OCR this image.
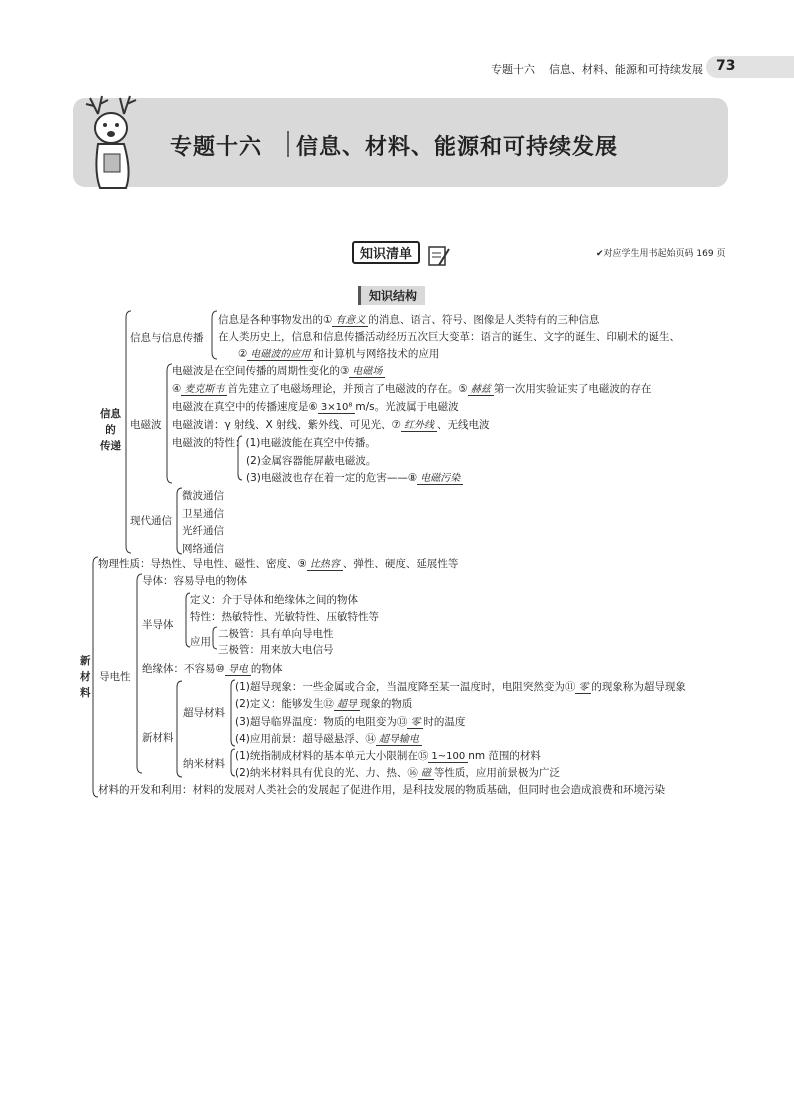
专题十六 信息、材料、能源和可持续发展 73
专题十六 信息、材料、能源和可持续发展
知识清单	✔对应学生用书起始页码 169 页
知识结构
信息
的
传递
信息与信息传播
信息是各种事物发出的① 有意义 的消息、语言、符号、图像是人类特有的三种信息
在人类历史上，信息和信息传播活动经历五次巨大变革：语言的诞生、文字的诞生、印刷术的诞生、
② 电磁波的应用 和计算机与网络技术的应用
电磁波
电磁波是在空间传播的周期性变化的③ 电磁场
④ 麦克斯韦 首先建立了电磁场理论，并预言了电磁波的存在。⑤ 赫兹 第一次用实验证实了电磁波的存在
电磁波在真空中的传播速度是⑥ 3×10⁸ m/s。光波属于电磁波
电磁波谱：γ 射线、X 射线、紫外线、可见光、⑦ 红外线 、无线电波
电磁波的特性：(1)电磁波能在真空中传播。
(2)金属容器能屏蔽电磁波。
(3)电磁波也存在着一定的危害——⑧ 电磁污染
现代通信
微波通信
卫星通信
光纤通信
网络通信
新
材
料
物理性质：导热性、导电性、磁性、密度、⑨ 比热容 、弹性、硬度、延展性等
导电性
导体：容易导电的物体
半导体
定义：介于导体和绝缘体之间的物体
特性：热敏特性、光敏特性、压敏特性等
应用
二极管：具有单向导电性
三极管：用来放大电信号
绝缘体：不容易⑩ 导电 的物体
新材料
超导材料
(1)超导现象：一些金属或合金，当温度降至某一温度时，电阻突然变为⑪ 零 的现象称为超导现象
(2)定义：能够发生⑫ 超导 现象的物质
(3)超导临界温度：物质的电阻变为⑬ 零 时的温度
(4)应用前景：超导磁悬浮、⑭ 超导输电
纳米材料
(1)统指制成材料的基本单元大小限制在⑮ 1~100 nm 范围的材料
(2)纳米材料具有优良的光、力、热、⑯ 磁 等性质，应用前景极为广泛
材料的开发和利用：材料的发展对人类社会的发展起了促进作用，是科技发展的物质基础，但同时也会造成浪费和环境污染
